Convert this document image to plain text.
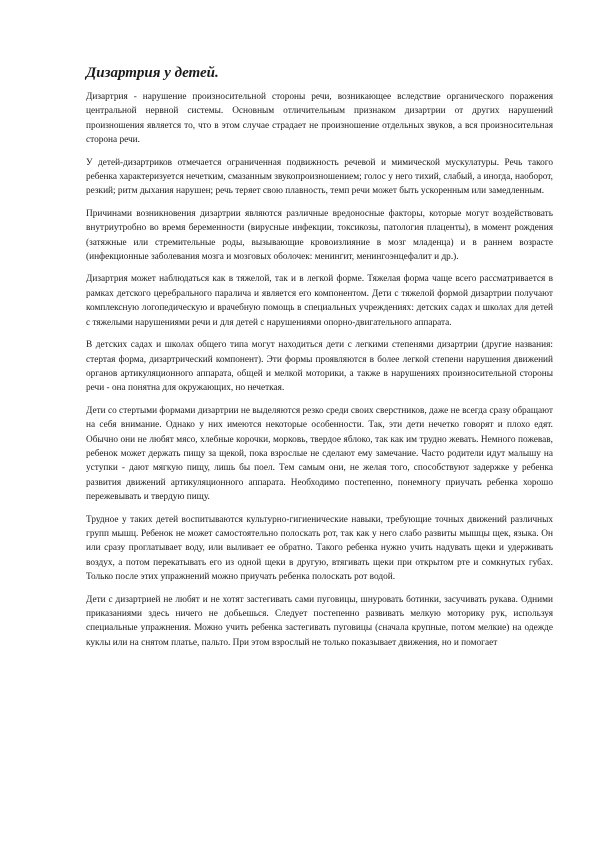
Дизартрия у детей.

Дизартрия - нарушение произносительной стороны речи, возникающее вследствие органического поражения центральной нервной системы. Основным отличительным признаком дизартрии от других нарушений произношения является то, что в этом случае страдает не произношение отдельных звуков, а вся произносительная сторона речи.

У детей-дизартриков отмечается ограниченная подвижность речевой и мимической мускулатуры. Речь такого ребенка характеризуется нечетким, смазанным звукопроизношением; голос у него тихий, слабый, а иногда, наоборот, резкий; ритм дыхания нарушен; речь теряет свою плавность, темп речи может быть ускоренным или замедленным.

Причинами возникновения дизартрии являются различные вредоносные факторы, которые могут воздействовать внутриутробно во время беременности (вирусные инфекции, токсикозы, патология плаценты), в момент рождения (затяжные или стремительные роды, вызывающие кровоизлияние в мозг младенца) и в раннем возрасте (инфекционные заболевания мозга и мозговых оболочек: менингит, менингоэнцефалит и др.).

Дизартрия может наблюдаться как в тяжелой, так и в легкой форме. Тяжелая форма чаще всего рассматривается в рамках детского церебрального паралича и является его компонентом. Дети с тяжелой формой дизартрии получают комплексную логопедическую и врачебную помощь в специальных учреждениях: детских садах и школах для детей с тяжелыми нарушениями речи и для детей с нарушениями опорно-двигательного аппарата.

В детских садах и школах общего типа могут находиться дети с легкими степенями дизартрии (другие названия: стертая форма, дизартрический компонент). Эти формы проявляются в более легкой степени нарушения движений органов артикуляционного аппарата, общей и мелкой моторики, а также в нарушениях произносительной стороны речи - она понятна для окружающих, но нечеткая.

Дети со стертыми формами дизартрии не выделяются резко среди своих сверстников, даже не всегда сразу обращают на себя внимание. Однако у них имеются некоторые особенности. Так, эти дети нечетко говорят и плохо едят. Обычно они не любят мясо, хлебные корочки, морковь, твердое яблоко, так как им трудно жевать. Немного пожевав, ребенок может держать пищу за щекой, пока взрослые не сделают ему замечание. Часто родители идут малышу на уступки - дают мягкую пищу, лишь бы поел. Тем самым они, не желая того, способствуют задержке у ребенка развития движений артикуляционного аппарата. Необходимо постепенно, понемногу приучать ребенка хорошо пережевывать и твердую пищу.

Трудное у таких детей воспитываются культурно-гигиенические навыки, требующие точных движений различных групп мышц. Ребенок не может самостоятельно полоскать рот, так как у него слабо развиты мышцы щек, языка. Он или сразу проглатывает воду, или выливает ее обратно. Такого ребенка нужно учить надувать щеки и удерживать воздух, а потом перекатывать его из одной щеки в другую, втягивать щеки при открытом рте и сомкнутых губах. Только после этих упражнений можно приучать ребенка полоскать рот водой.

Дети с дизартрией не любят и не хотят застегивать сами пуговицы, шнуровать ботинки, засучивать рукава. Одними приказаниями здесь ничего не добьешься. Следует постепенно развивать мелкую моторику рук, используя специальные упражнения. Можно учить ребенка застегивать пуговицы (сначала крупные, потом мелкие) на одежде куклы или на снятом платье, пальто. При этом взрослый не только показывает движения, но и помогает
